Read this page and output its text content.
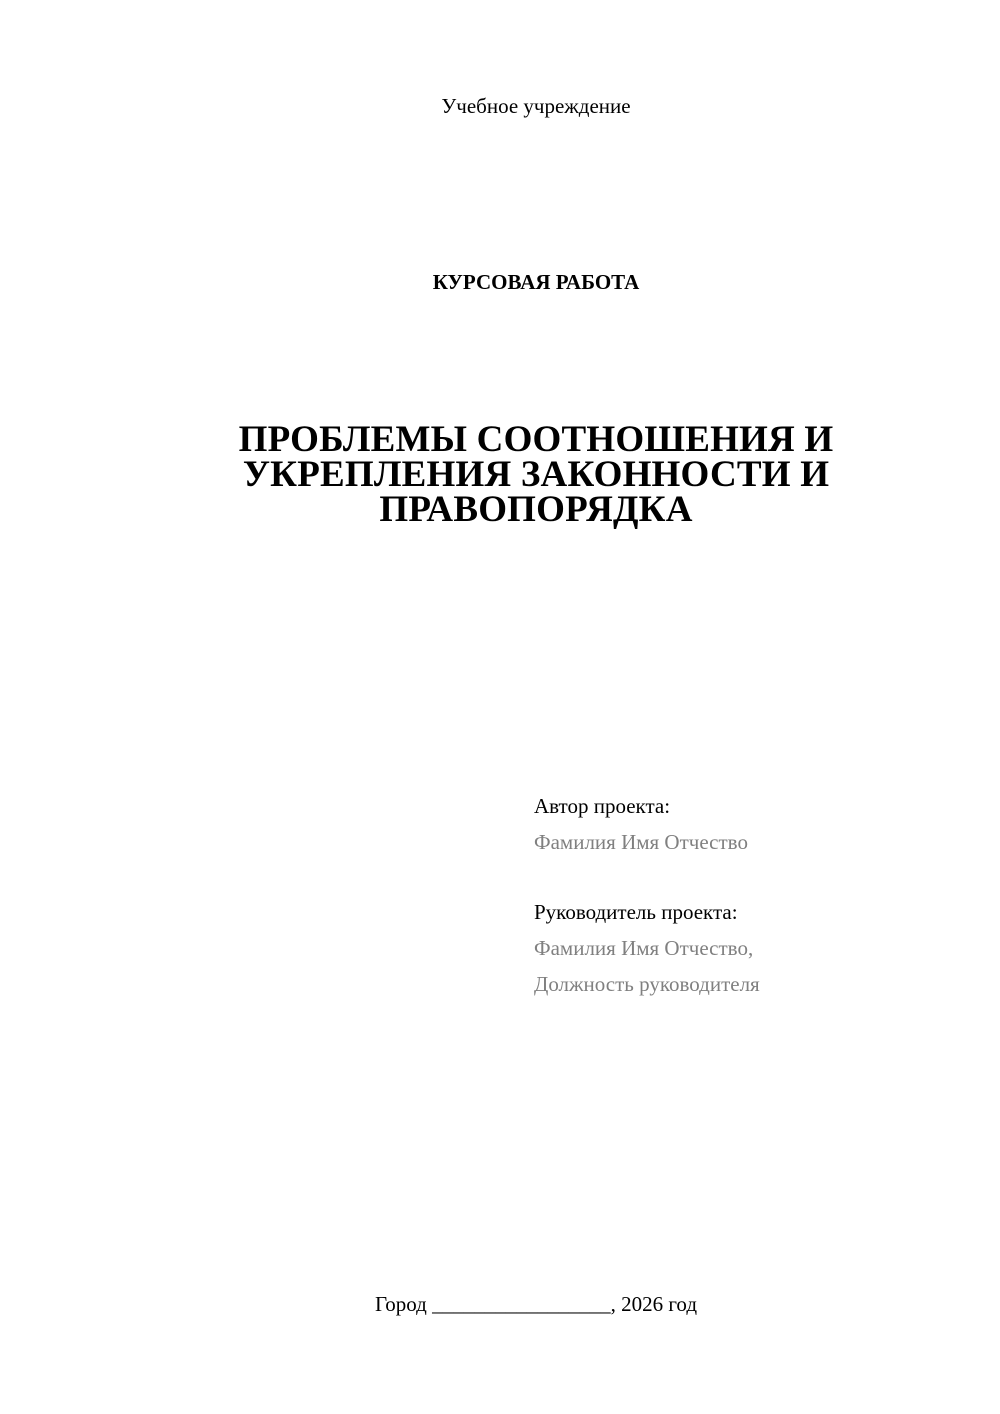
Учебное учреждение
КУРСОВАЯ РАБОТА
ПРОБЛЕМЫ СООТНОШЕНИЯ И
УКРЕПЛЕНИЯ ЗАКОННОСТИ И
ПРАВОПОРЯДКА
Автор проекта:
Фамилия Имя Отчество
Руководитель проекта:
Фамилия Имя Отчество,
Должность руководителя
Город _________________, 2026 год
